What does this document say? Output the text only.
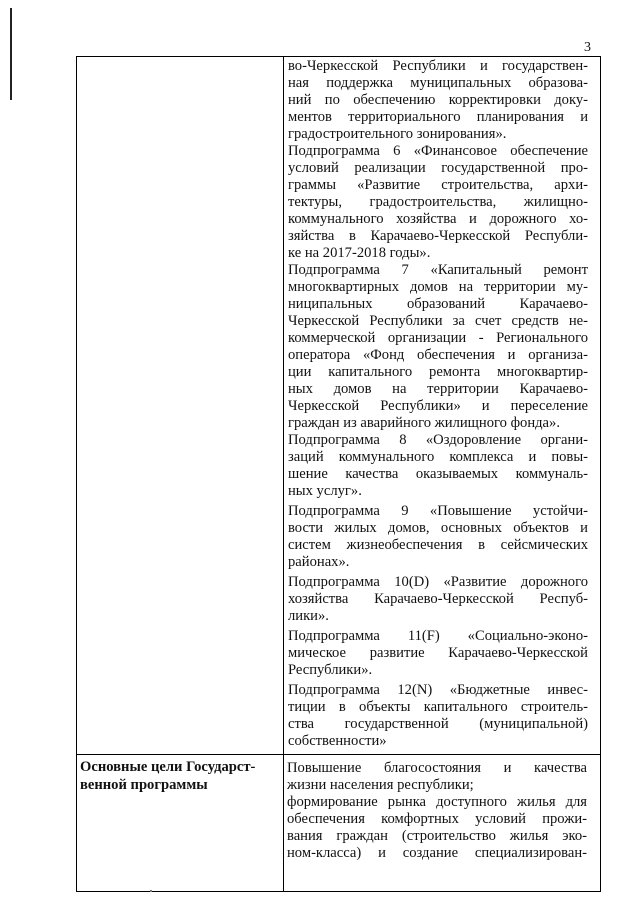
3
во-Черкесской Республики и государствен-
ная поддержка муниципальных образова-
ний по обеспечению корректировки доку-
ментов территориального планирования и
градостроительного зонирования».
Подпрограмма 6 «Финансовое обеспечение
условий реализации государственной про-
граммы «Развитие строительства, архи-
тектуры, градостроительства, жилищно-
коммунального хозяйства и дорожного хо-
зяйства в Карачаево-Черкесской Республи-
ке на 2017-2018 годы».
Подпрограмма 7 «Капитальный ремонт
многоквартирных домов на территории му-
ниципальных образований Карачаево-
Черкесской Республики за счет средств не-
коммерческой организации - Регионального
оператора «Фонд обеспечения и организа-
ции капитального ремонта многоквартир-
ных домов на территории Карачаево-
Черкесской Республики» и переселение
граждан из аварийного жилищного фонда».
Подпрограмма 8 «Оздоровление органи-
заций коммунального комплекса и повы-
шение качества оказываемых коммуналь-
ных услуг».
Подпрограмма 9 «Повышение устойчи-
вости жилых домов, основных объектов и
систем жизнеобеспечения в сейсмических
районах».
Подпрограмма 10(D) «Развитие дорожного
хозяйства Карачаево-Черкесской Респуб-
лики».
Подпрограмма 11(F) «Социально-эконо-
мическое развитие Карачаево-Черкесской
Республики».
Подпрограмма 12(N) «Бюджетные инвес-
тиции в объекты капитального строитель-
ства государственной (муниципальной)
собственности»
Основные цели Государст-
венной программы
Повышение благосостояния и качества
жизни населения республики;
формирование рынка доступного жилья для
обеспечения комфортных условий прожи-
вания граждан (строительство жилья эко-
ном-класса) и создание специализирован-
